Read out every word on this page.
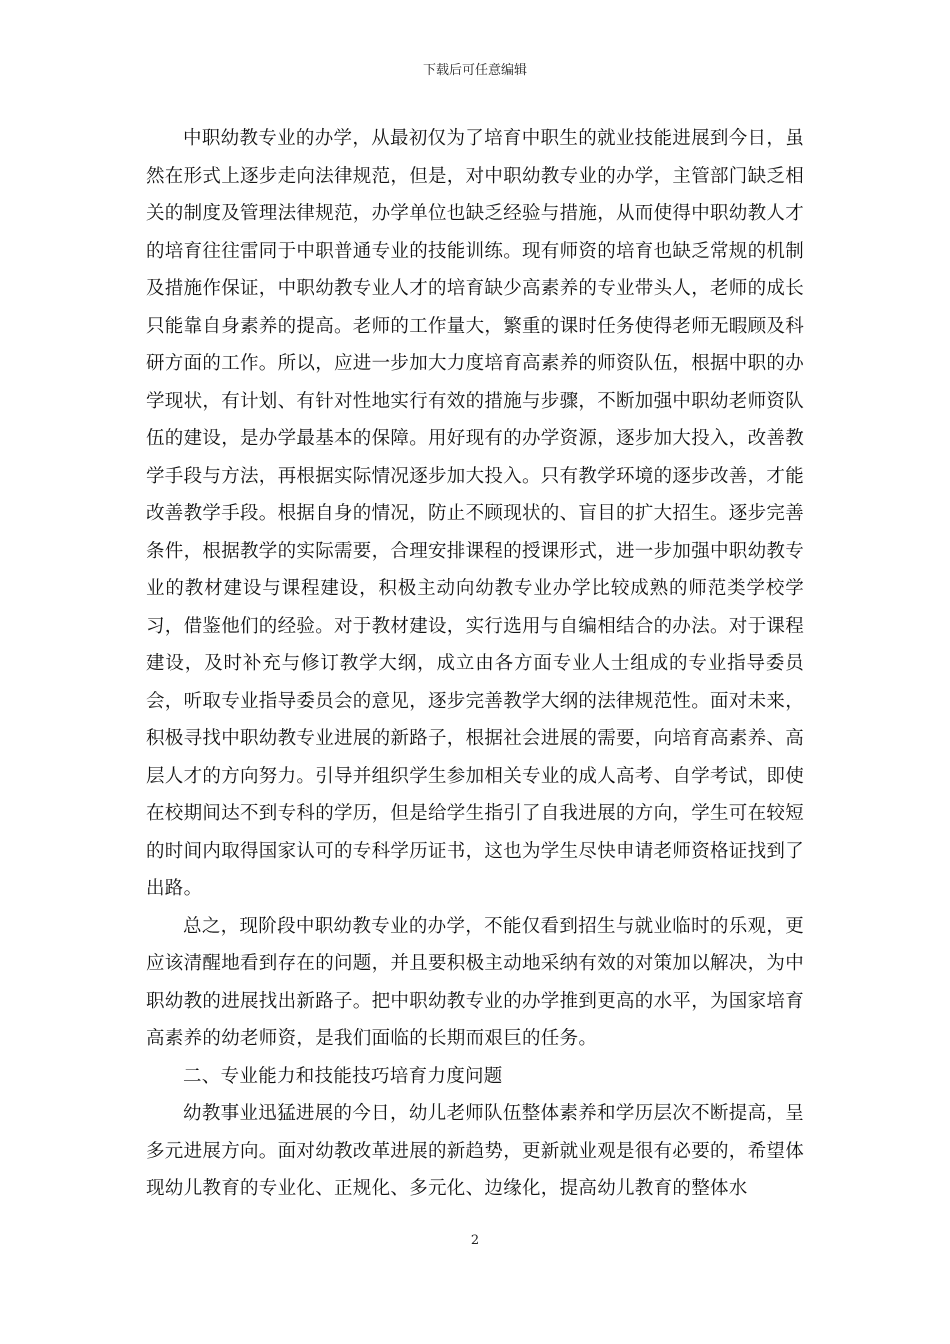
下载后可任意编辑

中职幼教专业的办学，从最初仅为了培育中职生的就业技能进展到今日，虽然在形式上逐步走向法律规范，但是，对中职幼教专业的办学，主管部门缺乏相关的制度及管理法律规范，办学单位也缺乏经验与措施，从而使得中职幼教人才的培育往往雷同于中职普通专业的技能训练。现有师资的培育也缺乏常规的机制及措施作保证，中职幼教专业人才的培育缺少高素养的专业带头人，老师的成长只能靠自身素养的提高。老师的工作量大，繁重的课时任务使得老师无暇顾及科研方面的工作。所以，应进一步加大力度培育高素养的师资队伍，根据中职的办学现状，有计划、有针对性地实行有效的措施与步骤，不断加强中职幼老师资队伍的建设，是办学最基本的保障。用好现有的办学资源，逐步加大投入，改善教学手段与方法，再根据实际情况逐步加大投入。只有教学环境的逐步改善，才能改善教学手段。根据自身的情况，防止不顾现状的、盲目的扩大招生。逐步完善条件，根据教学的实际需要，合理安排课程的授课形式，进一步加强中职幼教专业的教材建设与课程建设，积极主动向幼教专业办学比较成熟的师范类学校学习，借鉴他们的经验。对于教材建设，实行选用与自编相结合的办法。对于课程建设，及时补充与修订教学大纲，成立由各方面专业人士组成的专业指导委员会，听取专业指导委员会的意见，逐步完善教学大纲的法律规范性。面对未来，积极寻找中职幼教专业进展的新路子，根据社会进展的需要，向培育高素养、高层人才的方向努力。引导并组织学生参加相关专业的成人高考、自学考试，即使在校期间达不到专科的学历，但是给学生指引了自我进展的方向，学生可在较短的时间内取得国家认可的专科学历证书，这也为学生尽快申请老师资格证找到了出路。

总之，现阶段中职幼教专业的办学，不能仅看到招生与就业临时的乐观，更应该清醒地看到存在的问题，并且要积极主动地采纳有效的对策加以解决，为中职幼教的进展找出新路子。把中职幼教专业的办学推到更高的水平，为国家培育高素养的幼老师资，是我们面临的长期而艰巨的任务。

二、专业能力和技能技巧培育力度问题

幼教事业迅猛进展的今日，幼儿老师队伍整体素养和学历层次不断提高，呈多元进展方向。面对幼教改革进展的新趋势，更新就业观是很有必要的，希望体现幼儿教育的专业化、正规化、多元化、边缘化，提高幼儿教育的整体水

2
